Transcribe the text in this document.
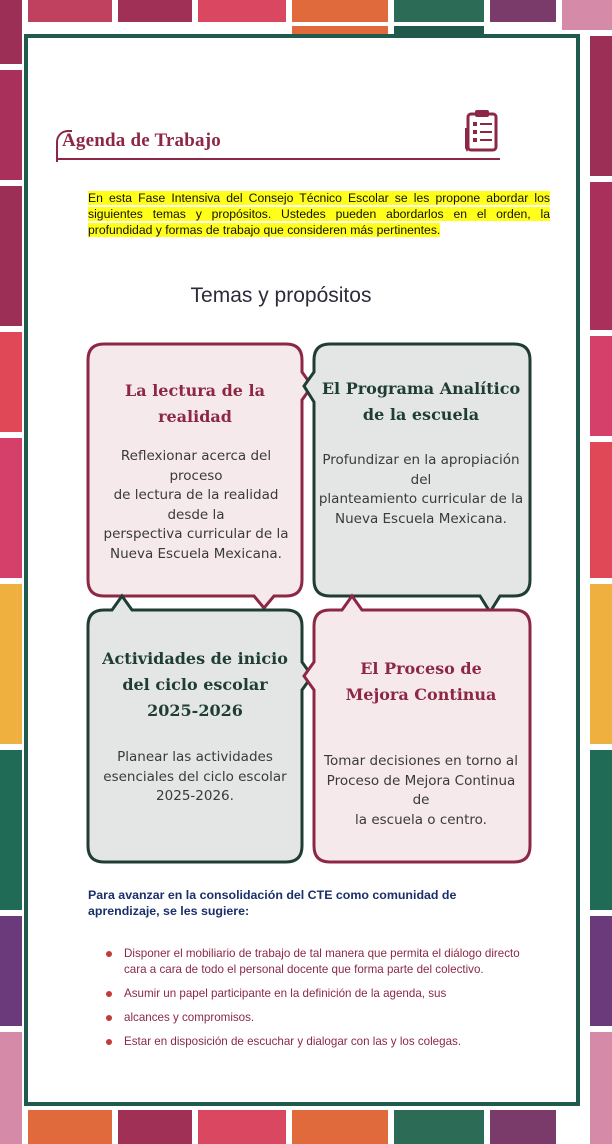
Agenda de Trabajo
En esta Fase Intensiva del Consejo Técnico Escolar se les propone abordar los siguientes temas y propósitos. Ustedes pueden abordarlos en el orden, la profundidad y formas de trabajo que consideren más pertinentes.
Temas y propósitos
La lectura de la
realidad
Reflexionar acerca del proceso
de lectura de la realidad desde la
perspectiva curricular de la
Nueva Escuela Mexicana.
El Programa Analítico
de la escuela
Profundizar en la apropiación del
planteamiento curricular de la
Nueva Escuela Mexicana.
Actividades de inicio
del ciclo escolar
2025-2026
Planear las actividades
esenciales del ciclo escolar
2025-2026.
El Proceso de
Mejora Continua
Tomar decisiones en torno al
Proceso de Mejora Continua de
la escuela o centro.
Para avanzar en la consolidación del CTE como comunidad de aprendizaje, se les sugiere:
Disponer el mobiliario de trabajo de tal manera que permita el diálogo directo cara a cara de todo el personal docente que forma parte del colectivo.
Asumir un papel participante en la definición de la agenda, sus
alcances y compromisos.
Estar en disposición de escuchar y dialogar con las y los colegas.
